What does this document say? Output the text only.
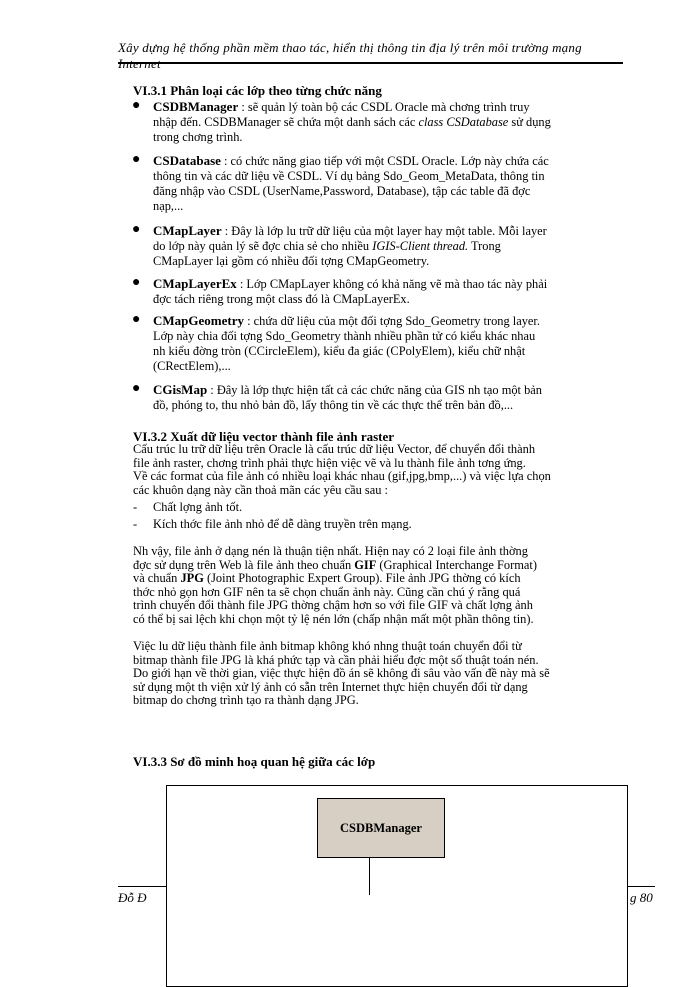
Xây dựng hệ thống phần mềm thao tác, hiển thị thông tin địa lý trên môi trường mạng Internet
VI.3.1 Phân loại các lớp theo từng chức năng
● CSDBManager : sẽ quản lý toàn bộ các CSDL Oracle mà chơng trình truy
nhập đến. CSDBManager sẽ chứa một danh sách các class CSDatabase sử dụng
trong chơng trình.
● CSDatabase : có chức năng giao tiếp với một CSDL Oracle. Lớp này chứa các
thông tin và các dữ liệu về CSDL. Ví dụ bảng Sdo_Geom_MetaData, thông tin
đăng nhập vào CSDL (UserName,Password, Database), tập các table đã đợc
nạp,...
● CMapLayer : Đây là lớp lu trữ dữ liệu của một layer hay một table. Mỗi layer
do lớp này quản lý sẽ đợc chia sẻ cho nhiều IGIS-Client thread. Trong
CMapLayer lại gồm có nhiều đối tợng CMapGeometry.
● CMapLayerEx : Lớp CMapLayer không có khả năng vẽ mà thao tác này phải
đợc tách riêng trong một class đó là CMapLayerEx.
● CMapGeometry : chứa dữ liệu của một đối tợng Sdo_Geometry trong layer.
Lớp này chia đối tợng Sdo_Geometry thành nhiều phần tử có kiểu khác nhau
nh kiểu đờng tròn (CCircleElem), kiểu đa giác (CPolyElem), kiểu chữ nhật
(CRectElem),...
● CGisMap : Đây là lớp thực hiện tất cả các chức năng của GIS nh tạo một bản
đồ, phóng to, thu nhỏ bản đồ, lấy thông tin về các thực thể trên bản đồ,...
VI.3.2 Xuất dữ liệu vector thành file ảnh raster
Cấu trúc lu trữ dữ liệu trên Oracle là cấu trúc dữ liệu Vector, để chuyển đổi thành
file ảnh raster, chơng trình phải thực hiện việc vẽ và lu thành file ảnh tơng ứng.
Về các format của file ảnh có nhiều loại khác nhau (gif,jpg,bmp,...) và việc lựa chọn
các khuôn dạng này cần thoả mãn các yêu cầu sau :
- Chất lợng ảnh tốt.
- Kích thớc file ảnh nhỏ để dễ dàng truyền trên mạng.
Nh vậy, file ảnh ở dạng nén là thuận tiện nhất. Hiện nay có 2 loại file ảnh thờng
đợc sử dụng trên Web là file ảnh theo chuẩn GIF (Graphical Interchange Format)
và chuẩn JPG (Joint Photographic Expert Group). File ảnh JPG thờng có kích
thớc nhỏ gọn hơn GIF nên ta sẽ chọn chuẩn ảnh này. Cũng cần chú ý rằng quá
trình chuyển đổi thành file JPG thờng chậm hơn so với file GIF và chất lợng ảnh
có thể bị sai lệch khi chọn một tỷ lệ nén lớn (chấp nhận mất một phần thông tin).
Việc lu dữ liệu thành file ảnh bitmap không khó nhng thuật toán chuyển đổi từ
bitmap thành file JPG là khá phức tạp và cần phải hiểu đợc một số thuật toán nén.
Do giới hạn về thời gian, việc thực hiện đồ án sẽ không đi sâu vào vấn đề này mà sẽ
sử dụng một th viện xử lý ảnh có sẵn trên Internet thực hiện chuyển đổi từ dạng
bitmap do chơng trình tạo ra thành dạng JPG.
VI.3.3 Sơ đồ minh hoạ quan hệ giữa các lớp
CSDBManager
Đỗ Đ	g 80
